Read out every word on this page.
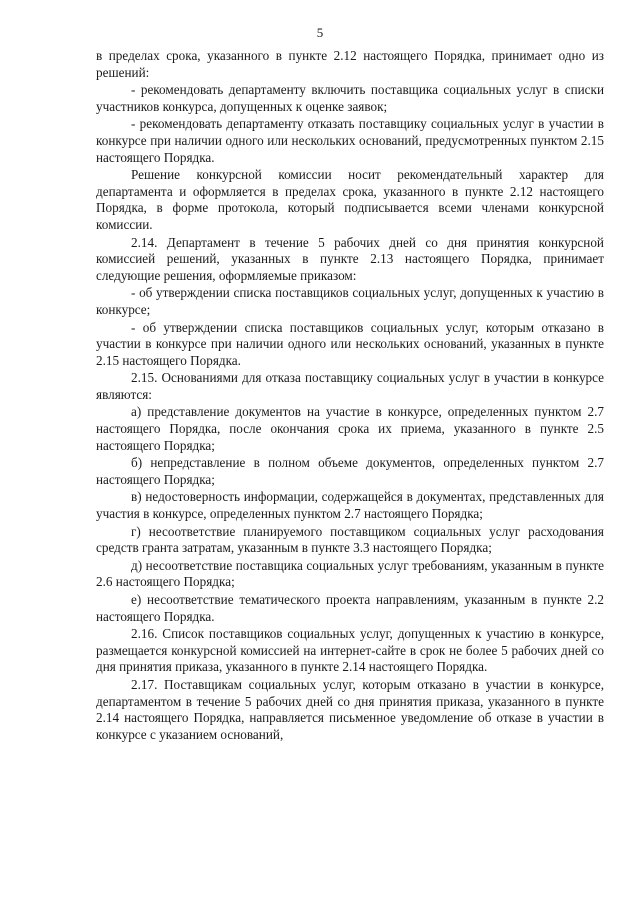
5

в пределах срока, указанного в пункте 2.12 настоящего Порядка, принимает одно из решений:

- рекомендовать департаменту включить поставщика социальных услуг в списки участников конкурса, допущенных к оценке заявок;

- рекомендовать департаменту отказать поставщику социальных услуг в участии в конкурсе при наличии одного или нескольких оснований, предусмотренных пунктом 2.15 настоящего Порядка.

Решение конкурсной комиссии носит рекомендательный характер для департамента и оформляется в пределах срока, указанного в пункте 2.12 настоящего Порядка, в форме протокола, который подписывается всеми членами конкурсной комиссии.

2.14. Департамент в течение 5 рабочих дней со дня принятия конкурсной комиссией решений, указанных в пункте 2.13 настоящего Порядка, принимает следующие решения, оформляемые приказом:

- об утверждении списка поставщиков социальных услуг, допущенных к участию в конкурсе;

- об утверждении списка поставщиков социальных услуг, которым отказано в участии в конкурсе при наличии одного или нескольких оснований, указанных в пункте 2.15 настоящего Порядка.

2.15. Основаниями для отказа поставщику социальных услуг в участии в конкурсе являются:

а) представление документов на участие в конкурсе, определенных пунктом 2.7 настоящего Порядка, после окончания срока их приема, указанного в пункте 2.5 настоящего Порядка;

б) непредставление в полном объеме документов, определенных пунктом 2.7 настоящего Порядка;

в) недостоверность информации, содержащейся в документах, представленных для участия в конкурсе, определенных пунктом 2.7 настоящего Порядка;

г) несоответствие планируемого поставщиком социальных услуг расходования средств гранта затратам, указанным в пункте 3.3 настоящего Порядка;

д) несоответствие поставщика социальных услуг требованиям, указанным в пункте 2.6 настоящего Порядка;

е) несоответствие тематического проекта направлениям, указанным в пункте 2.2 настоящего Порядка.

2.16. Список поставщиков социальных услуг, допущенных к участию в конкурсе, размещается конкурсной комиссией на интернет-сайте в срок не более 5 рабочих дней со дня принятия приказа, указанного в пункте 2.14 настоящего Порядка.

2.17. Поставщикам социальных услуг, которым отказано в участии в конкурсе, департаментом в течение 5 рабочих дней со дня принятия приказа, указанного в пункте 2.14 настоящего Порядка, направляется письменное уведомление об отказе в участии в конкурсе с указанием оснований,
